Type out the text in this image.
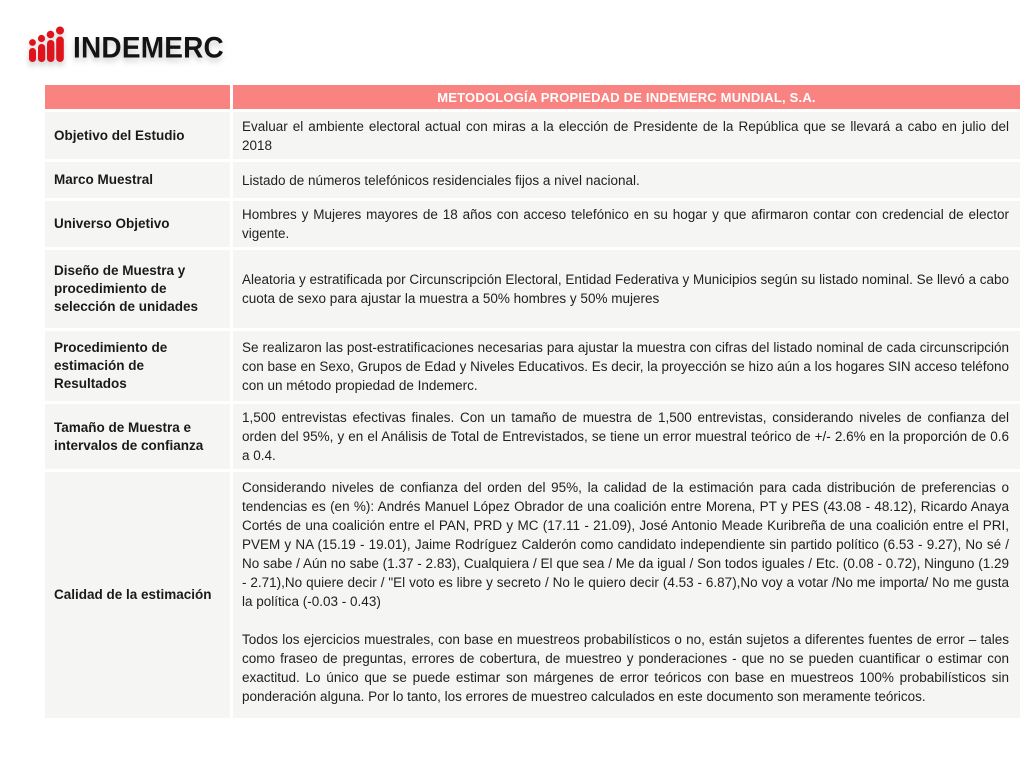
INDEMERC
	METODOLOGÍA PROPIEDAD DE INDEMERC MUNDIAL, S.A.
Objetivo del Estudio	Evaluar el ambiente electoral actual con miras a la elección de Presidente de la República que se llevará a cabo en julio del 2018
Marco Muestral	Listado de números telefónicos residenciales fijos a nivel nacional.
Universo Objetivo	Hombres y Mujeres mayores de 18 años con acceso telefónico en su hogar y que afirmaron contar con credencial de elector vigente.
Diseño de Muestra y procedimiento de selección de unidades	Aleatoria y estratificada por Circunscripción Electoral, Entidad Federativa y Municipios según su listado nominal. Se llevó a cabo cuota de sexo para ajustar la muestra a 50% hombres y 50% mujeres
Procedimiento de estimación de Resultados	Se realizaron las post-estratificaciones necesarias para ajustar la muestra con cifras del listado nominal de cada circunscripción con base en Sexo, Grupos de Edad y Niveles Educativos. Es decir, la proyección se hizo aún a los hogares SIN acceso teléfono con un método propiedad de Indemerc.
Tamaño de Muestra e intervalos de confianza	1,500 entrevistas efectivas finales. Con un tamaño de muestra de 1,500 entrevistas, considerando niveles de confianza del orden del 95%, y en el Análisis de Total de Entrevistados, se tiene un error muestral teórico de +/- 2.6% en la proporción de 0.6 a 0.4.
Calidad de la estimación	Considerando niveles de confianza del orden del 95%, la calidad de la estimación para cada distribución de preferencias o tendencias es (en %): Andrés Manuel López Obrador de una coalición entre Morena, PT y PES (43.08 - 48.12), Ricardo Anaya Cortés de una coalición entre el PAN, PRD y MC (17.11 - 21.09), José Antonio Meade Kuribreña de una coalición entre el PRI, PVEM y NA (15.19 - 19.01), Jaime Rodríguez Calderón como candidato independiente sin partido político (6.53 - 9.27), No sé / No sabe / Aún no sabe (1.37 - 2.83), Cualquiera / El que sea / Me da igual / Son todos iguales / Etc. (0.08 - 0.72), Ninguno (1.29 - 2.71),No quiere decir / "El voto es libre y secreto / No le quiero decir (4.53 - 6.87),No voy a votar /No me importa/ No me gusta la política (-0.03 - 0.43)

Todos los ejercicios muestrales, con base en muestreos probabilísticos o no, están sujetos a diferentes fuentes de error – tales como fraseo de preguntas, errores de cobertura, de muestreo y ponderaciones - que no se pueden cuantificar o estimar con exactitud. Lo único que se puede estimar son márgenes de error teóricos con base en muestreos 100% probabilísticos sin ponderación alguna. Por lo tanto, los errores de muestreo calculados en este documento son meramente teóricos.
